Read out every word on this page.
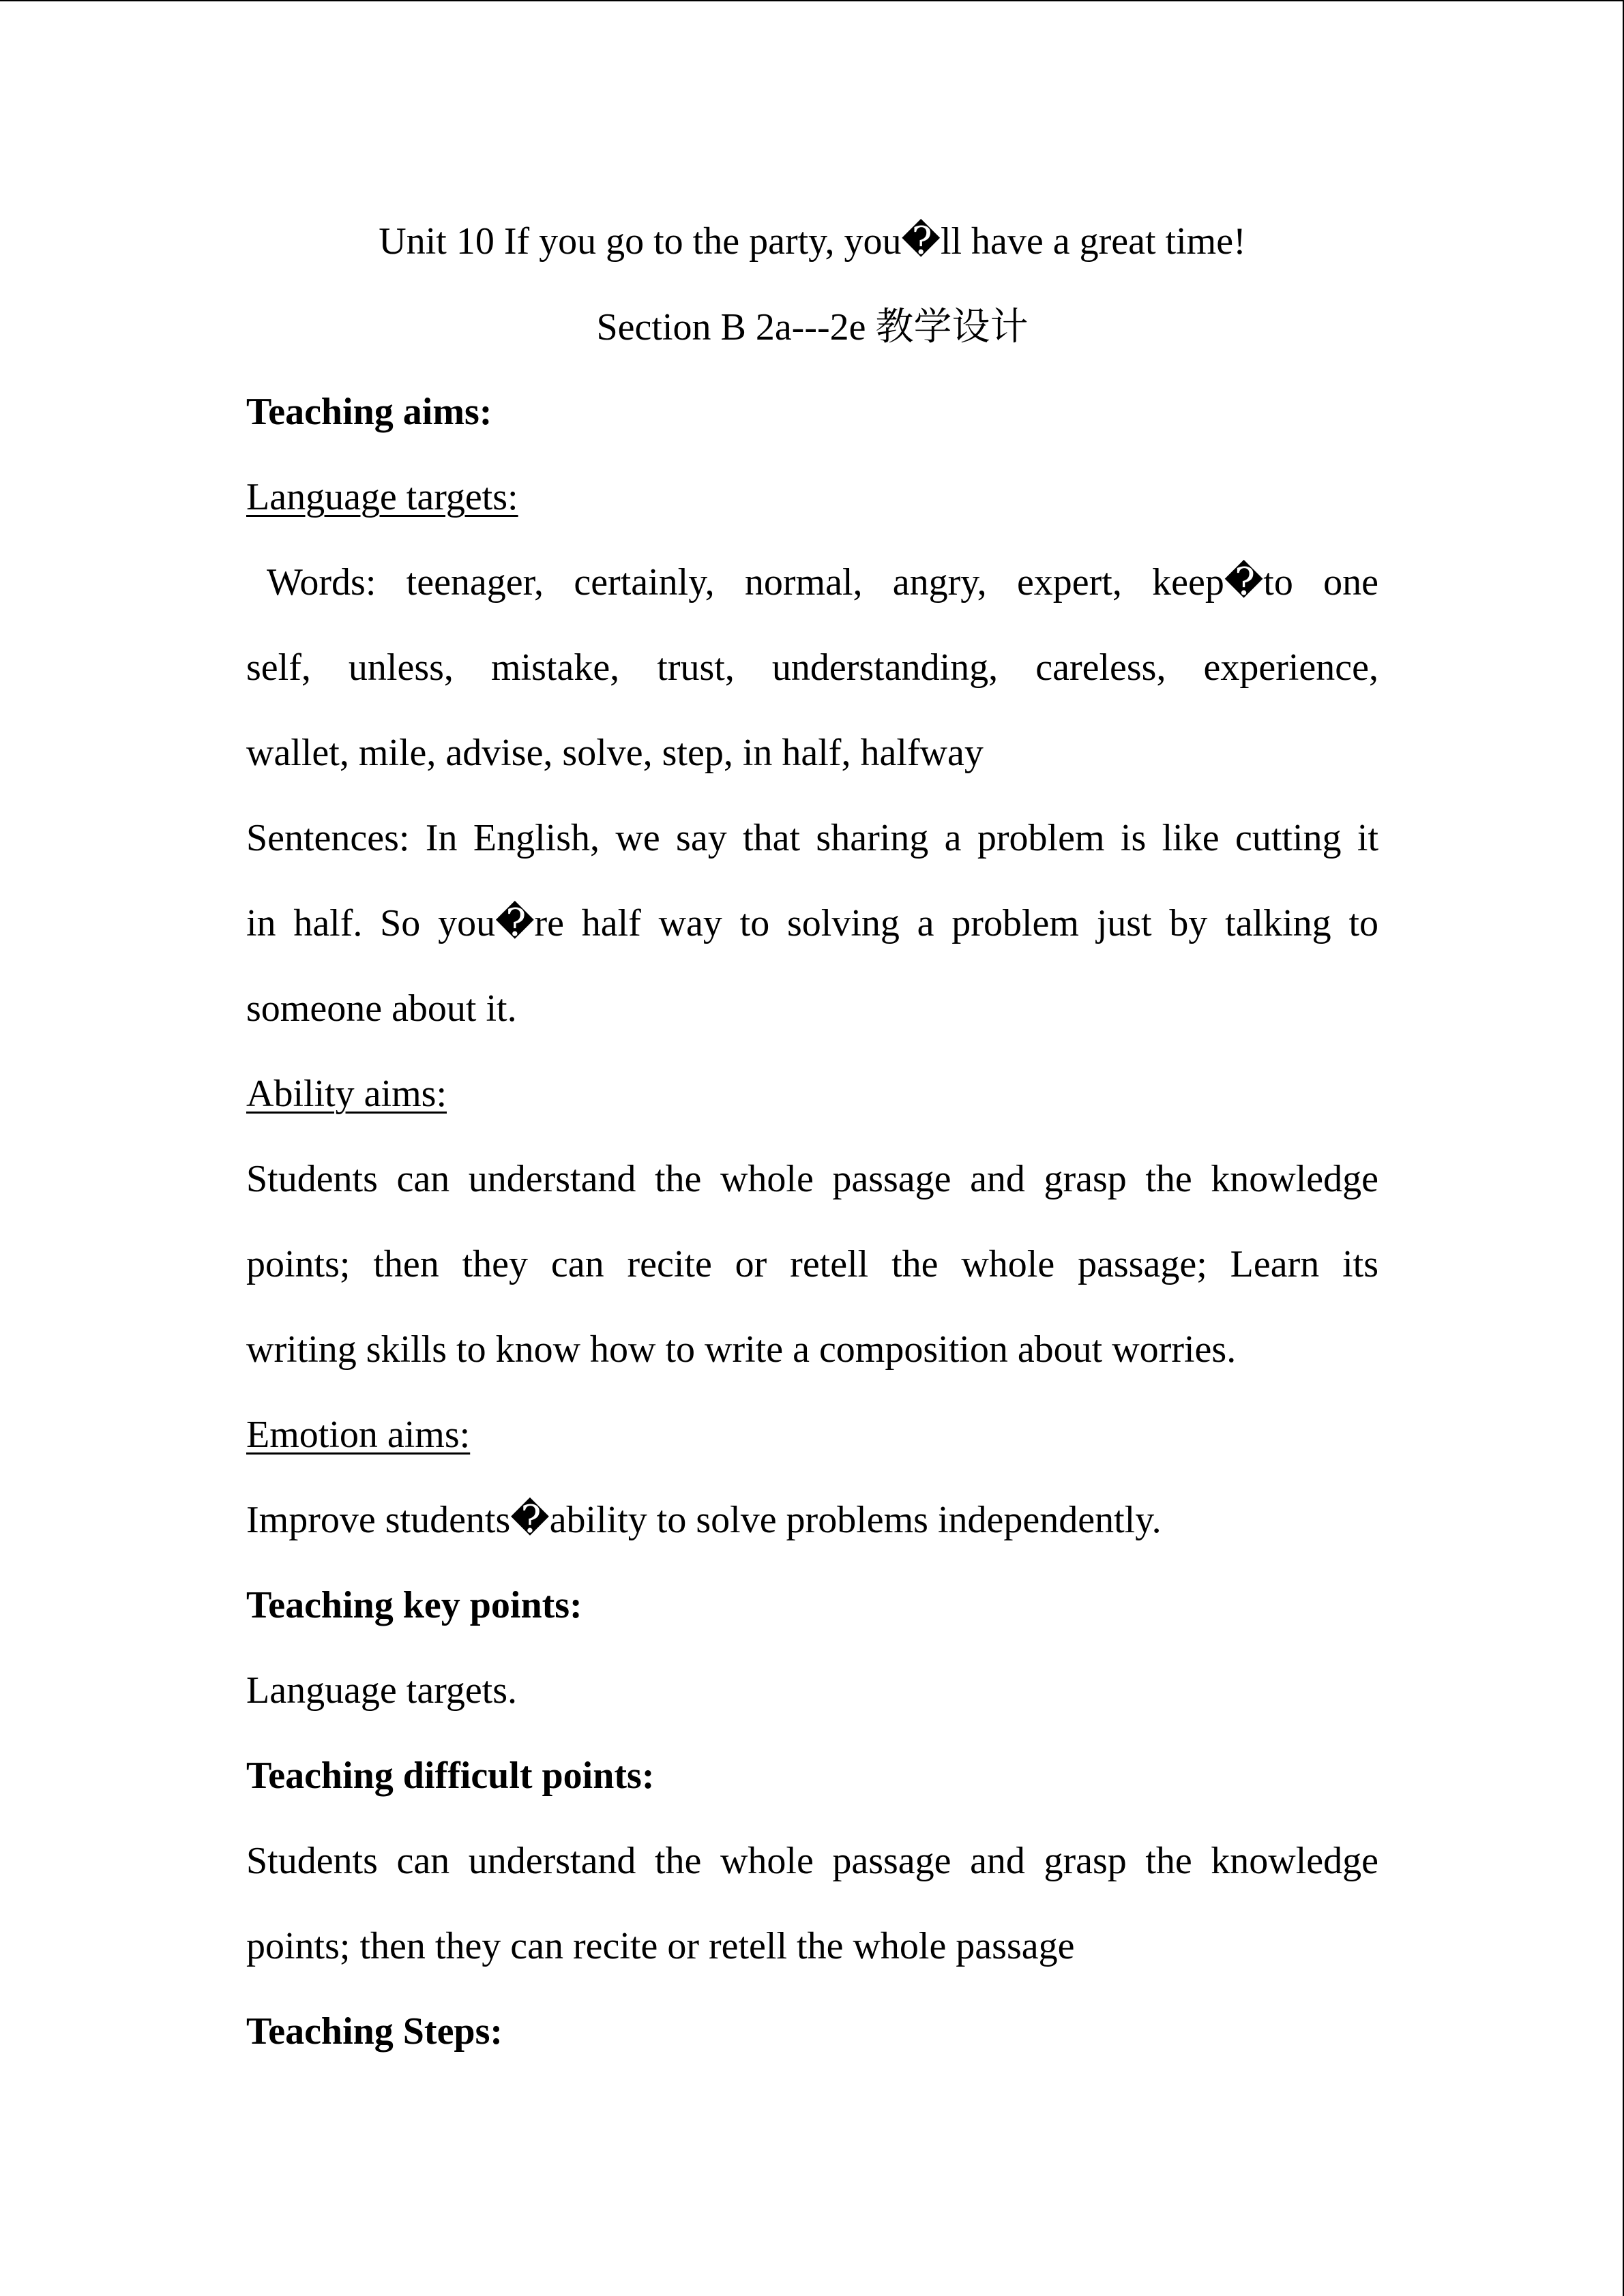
Unit 10 If you go to the party, you�ll have a great time!
Section B 2a---2e 教学设计
Teaching aims:
Language targets:
Words: teenager, certainly, normal, angry, expert, keep�to one
self, unless, mistake, trust, understanding, careless, experience,
wallet, mile, advise, solve, step, in half, halfway
Sentences: In English, we say that sharing a problem is like cutting it
in half. So you�re half way to solving a problem just by talking to
someone about it.
Ability aims:
Students can understand the whole passage and grasp the knowledge
points; then they can recite or retell the whole passage; Learn its
writing skills to know how to write a composition about worries.
Emotion aims:
Improve students�ability to solve problems independently.
Teaching key points:
Language targets.
Teaching difficult points:
Students can understand the whole passage and grasp the knowledge
points; then they can recite or retell the whole passage
Teaching Steps:
